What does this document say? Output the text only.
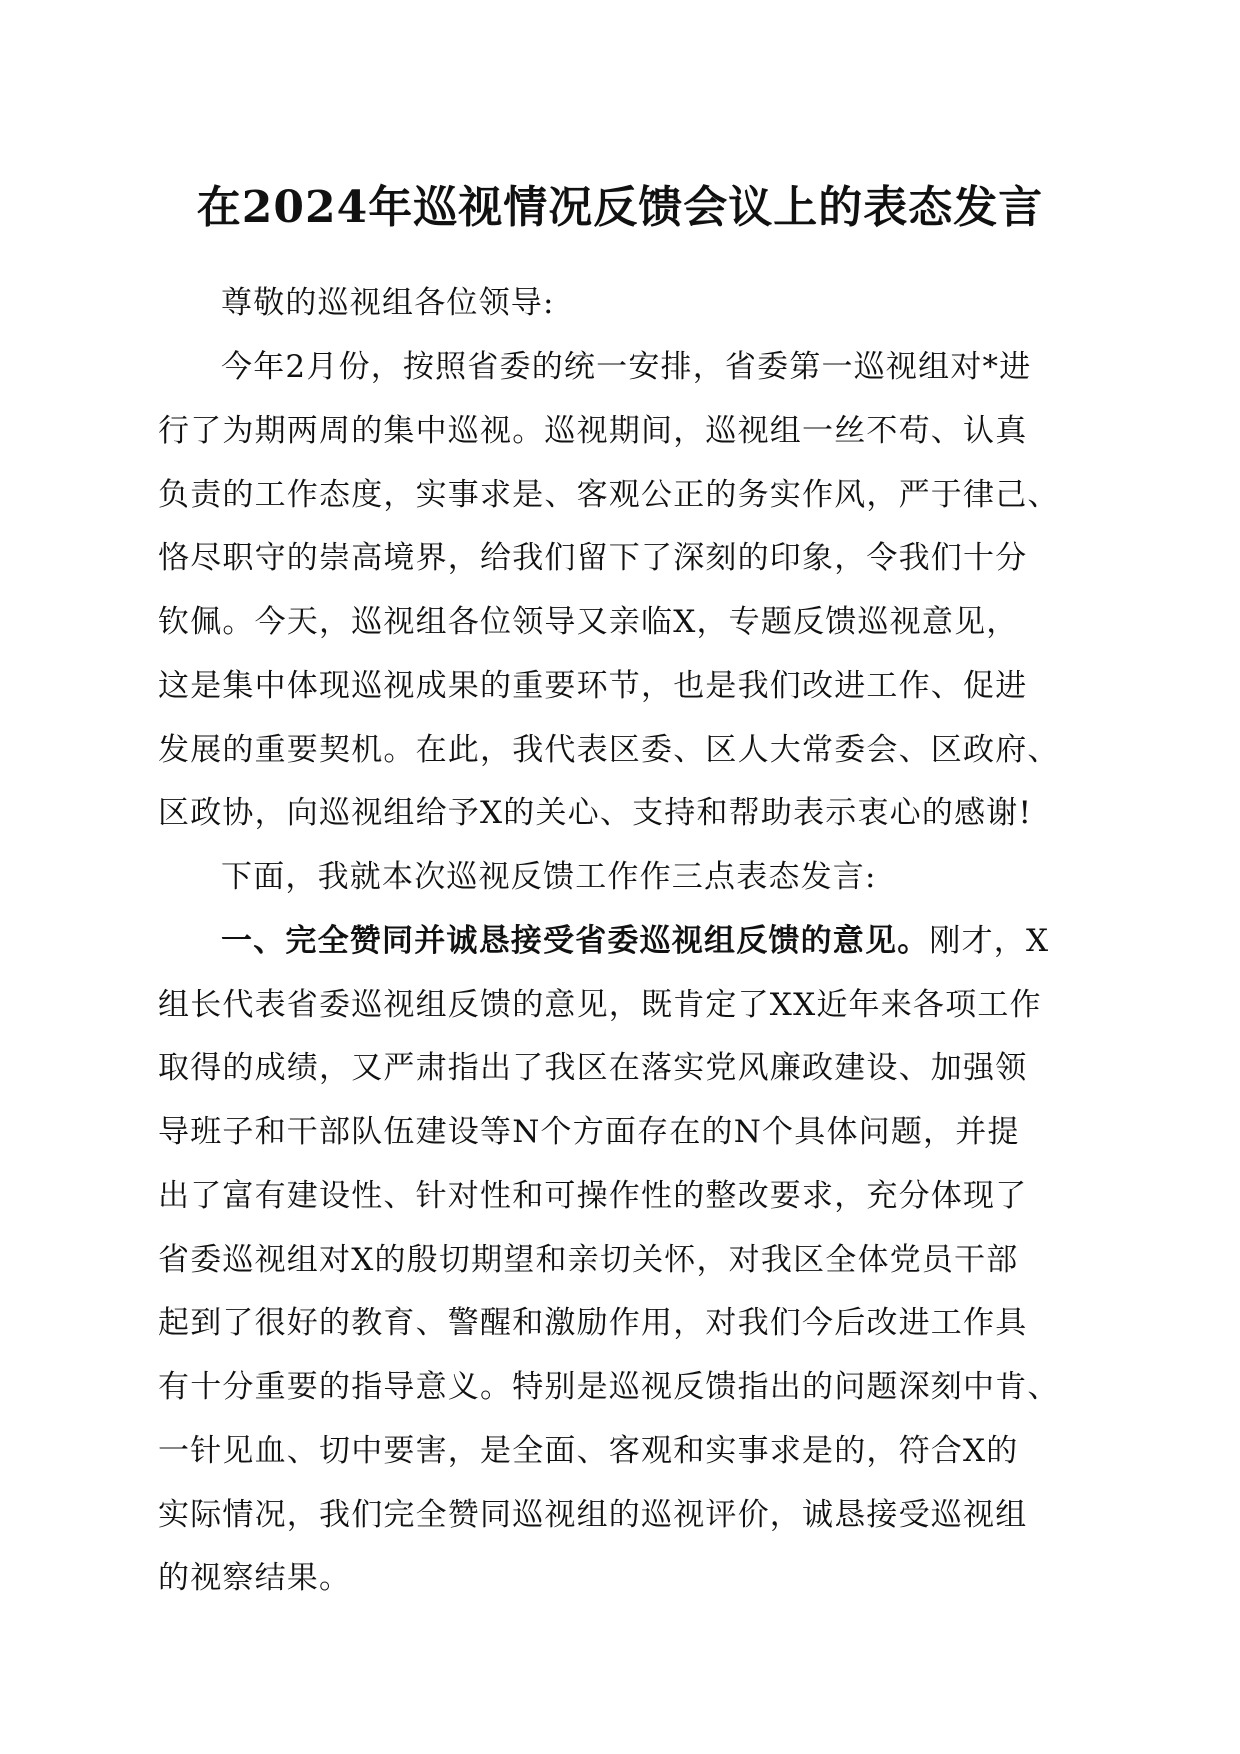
在2024年巡视情况反馈会议上的表态发言
尊敬的巡视组各位领导:
今年2月份，按照省委的统一安排，省委第一巡视组对*进
行了为期两周的集中巡视。巡视期间，巡视组一丝不苟、认真
负责的工作态度，实事求是、客观公正的务实作风，严于律己、
恪尽职守的崇高境界，给我们留下了深刻的印象，令我们十分
钦佩。今天，巡视组各位领导又亲临X，专题反馈巡视意见，
这是集中体现巡视成果的重要环节，也是我们改进工作、促进
发展的重要契机。在此，我代表区委、区人大常委会、区政府、
区政协，向巡视组给予X的关心、支持和帮助表示衷心的感谢!
下面，我就本次巡视反馈工作作三点表态发言:
一、完全赞同并诚恳接受省委巡视组反馈的意见。刚才，X
组长代表省委巡视组反馈的意见，既肯定了XX近年来各项工作
取得的成绩，又严肃指出了我区在落实党风廉政建设、加强领
导班子和干部队伍建设等N个方面存在的N个具体问题，并提
出了富有建设性、针对性和可操作性的整改要求，充分体现了
省委巡视组对X的殷切期望和亲切关怀，对我区全体党员干部
起到了很好的教育、警醒和激励作用，对我们今后改进工作具
有十分重要的指导意义。特别是巡视反馈指出的问题深刻中肯、
一针见血、切中要害，是全面、客观和实事求是的，符合X的
实际情况，我们完全赞同巡视组的巡视评价，诚恳接受巡视组
的视察结果。
